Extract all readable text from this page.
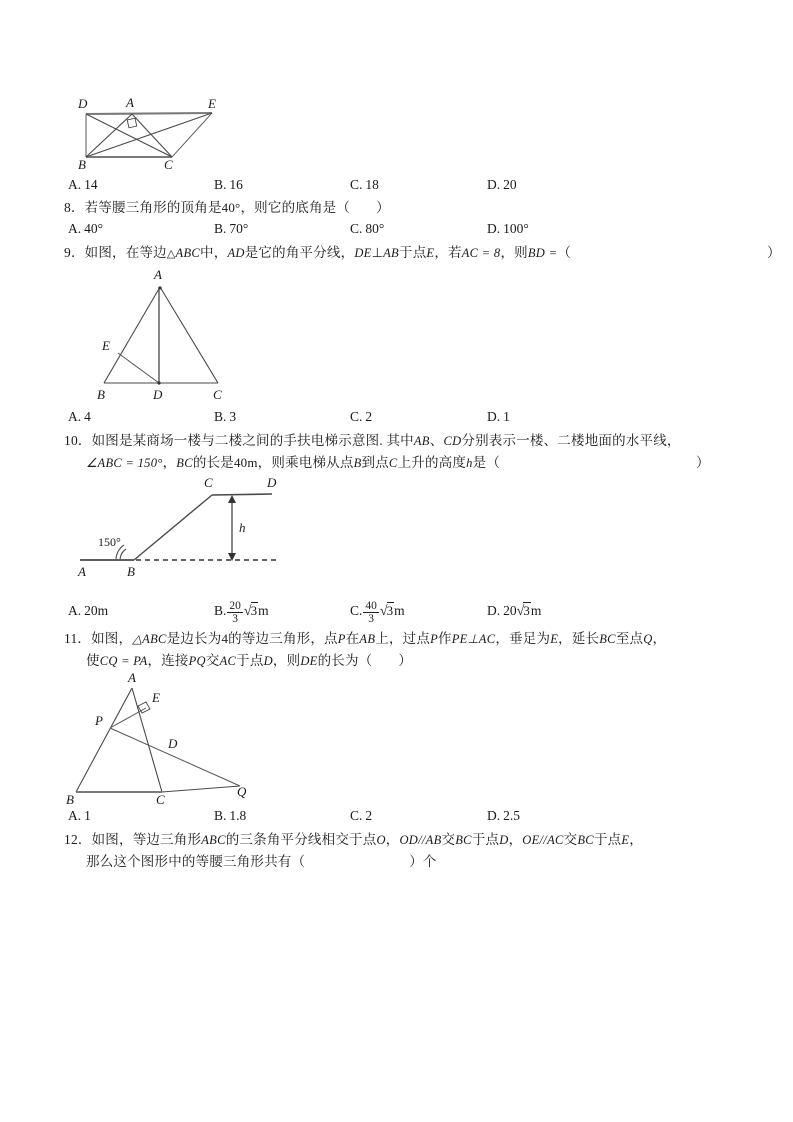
D	A	E
B	C
A. 14	B. 16	C. 18	D. 20
8．若等腰三角形的顶角是40°，则它的底角是（ ）
A. 40°	B. 70°	C. 80°	D. 100°
9．如图，在等边△ABC中，AD是它的角平分线，DE⊥AB于点E，若AC = 8，则BD =（	）
A
E
B	D	C
A. 4	B. 3	C. 2	D. 1
10．如图是某商场一楼与二楼之间的手扶电梯示意图. 其中AB、CD分别表示一楼、二楼地面的水平线，
∠ABC = 150°，BC的长是40m，则乘电梯从点B到点C上升的高度h是（	）
C	D
h
150°
A	B
A. 20m	B. $\frac{20}{3} √3m$	C. $\frac{40}{3} √3m$	D. 20√3m
11．如图，△ABC是边长为4的等边三角形，点P在AB上，过点P作PE⊥AC，垂足为E，延长BC至点Q，
使CQ = PA，连接PQ交AC于点D，则DE的长为（ ）
A
E
P
D
B	C
Q
A. 1	B. 1.8	C. 2	D. 2.5
12．如图，等边三角形ABC的三条角平分线相交于点O，OD//AB交BC于点D，OE//AC交BC于点E，
那么这个图形中的等腰三角形共有（	）个
